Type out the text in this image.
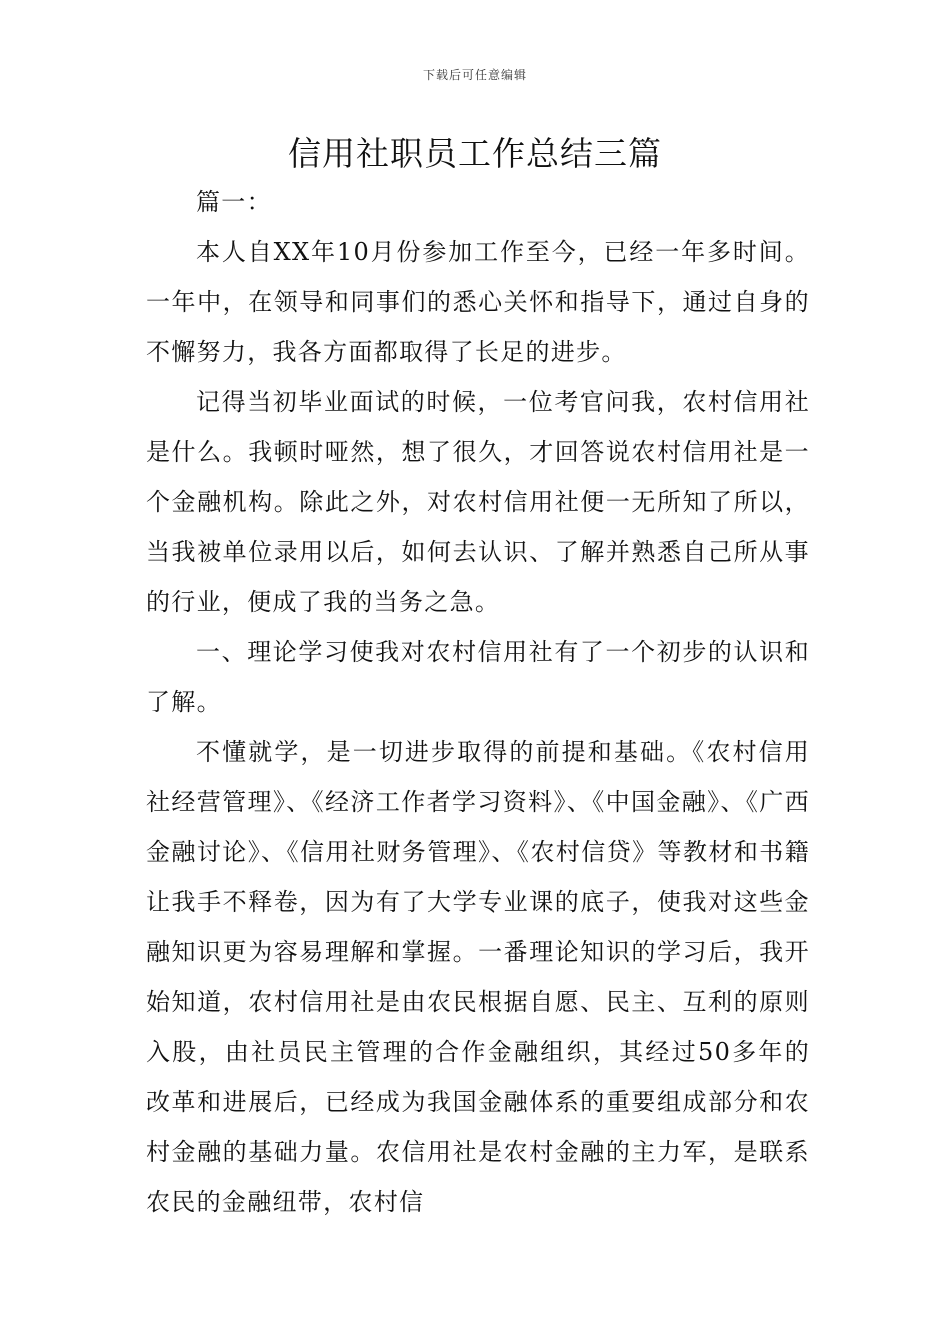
下载后可任意编辑
信用社职员工作总结三篇

篇一：

本人自XX年10月份参加工作至今，已经一年多时间。一年中，在领导和同事们的悉心关怀和指导下，通过自身的不懈努力，我各方面都取得了长足的进步。

记得当初毕业面试的时候，一位考官问我，农村信用社是什么。我顿时哑然，想了很久，才回答说农村信用社是一个金融机构。除此之外，对农村信用社便一无所知了所以，当我被单位录用以后，如何去认识、了解并熟悉自己所从事的行业，便成了我的当务之急。

一、理论学习使我对农村信用社有了一个初步的认识和了解。

不懂就学，是一切进步取得的前提和基础。《农村信用社经营管理》、《经济工作者学习资料》、《中国金融》、《广西金融讨论》、《信用社财务管理》、《农村信贷》等教材和书籍让我手不释卷，因为有了大学专业课的底子，使我对这些金融知识更为容易理解和掌握。一番理论知识的学习后，我开始知道，农村信用社是由农民根据自愿、民主、互利的原则入股，由社员民主管理的合作金融组织，其经过50多年的改革和进展后，已经成为我国金融体系的重要组成部分和农村金融的基础力量。农信用社是农村金融的主力军，是联系农民的金融纽带，农村信
